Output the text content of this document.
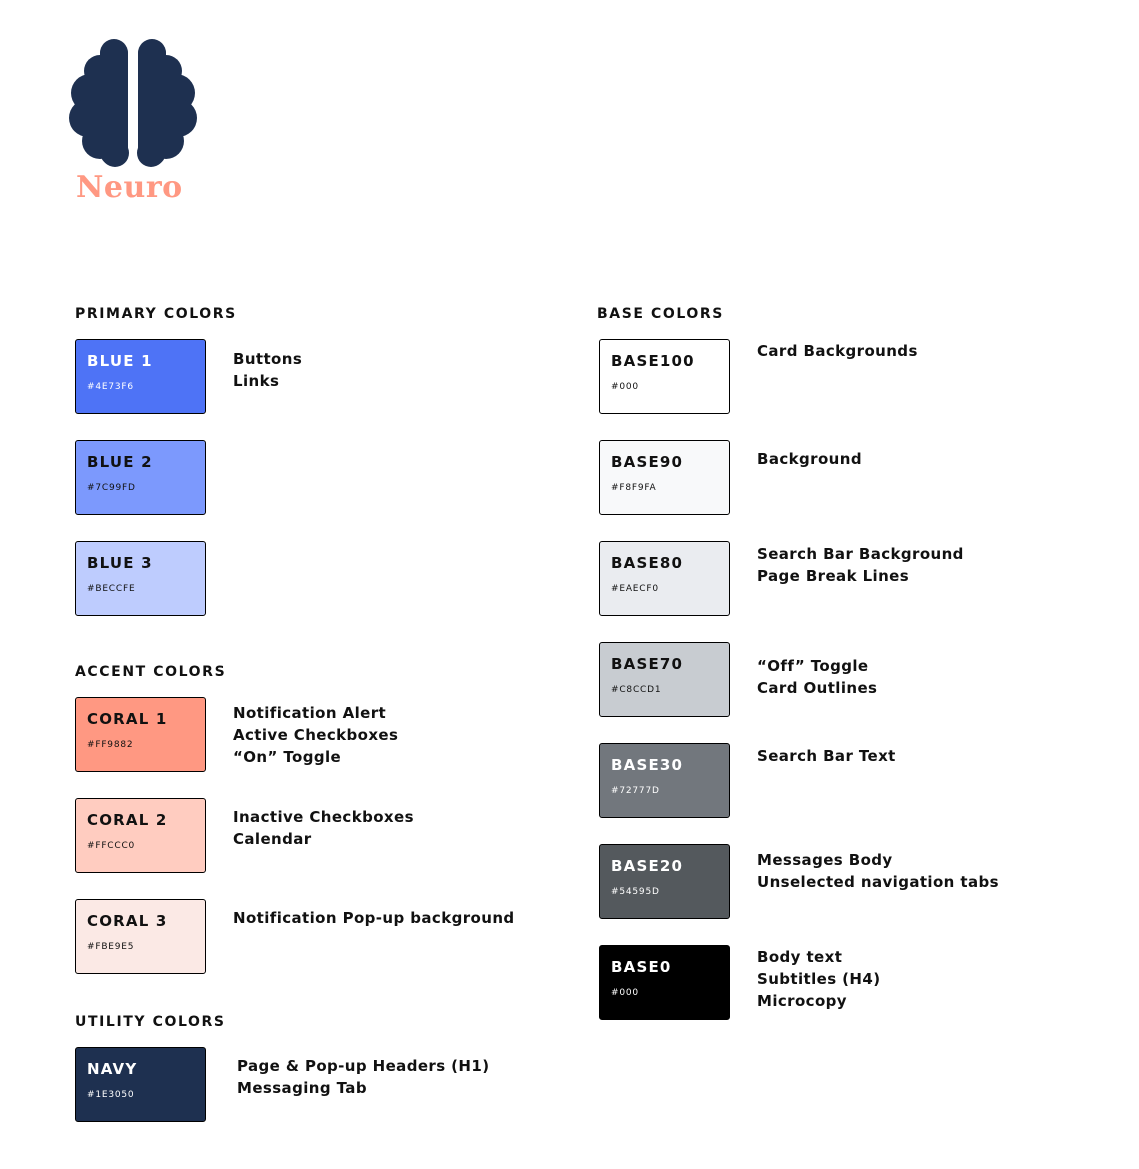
Neuro
PRIMARY COLORS
ACCENT COLORS
UTILITY COLORS
BASE COLORS
BLUE 1
#4E73F6
Buttons
Links
BLUE 2
#7C99FD
BLUE 3
#BECCFE
CORAL 1
#FF9882
Notification Alert
Active Checkboxes
“On” Toggle
CORAL 2
#FFCCC0
Inactive Checkboxes
Calendar
CORAL 3
#FBE9E5
Notification Pop-up background
NAVY
#1E3050
Page & Pop-up Headers (H1)
Messaging Tab
BASE100
#000
Card Backgrounds
BASE90
#F8F9FA
Background
BASE80
#EAECF0
Search Bar Background
Page Break Lines
BASE70
#C8CCD1
“Off” Toggle
Card Outlines
BASE30
#72777D
Search Bar Text
BASE20
#54595D
Messages Body
Unselected navigation tabs
BASE0
#000
Body text
Subtitles (H4)
Microcopy
